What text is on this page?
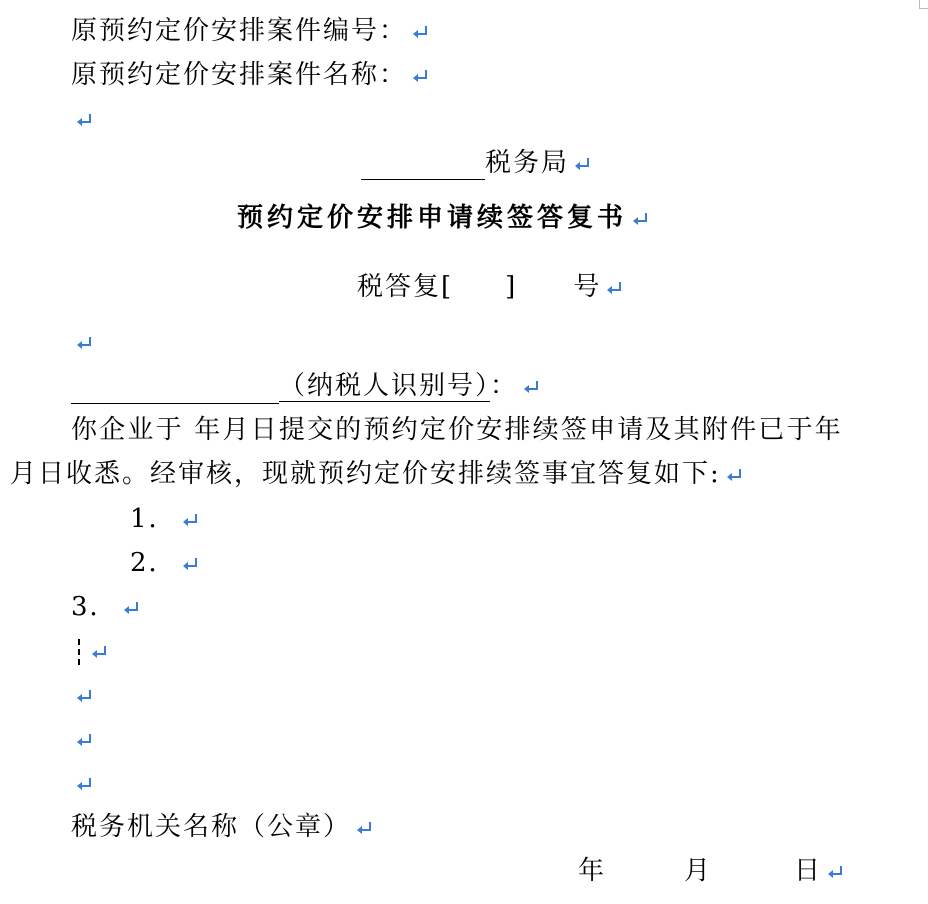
原预约定价安排案件编号：
原预约定价安排案件名称：
税务局
预约定价安排申请续签答复书
税答复[ ] 号
（纳税人识别号）：
你企业于 年月日提交的预约定价安排续签申请及其附件已于年
月日收悉。经审核，现就预约定价安排续签事宜答复如下:
1．
2．
3．
税务机关名称（公章）
年	月	日
